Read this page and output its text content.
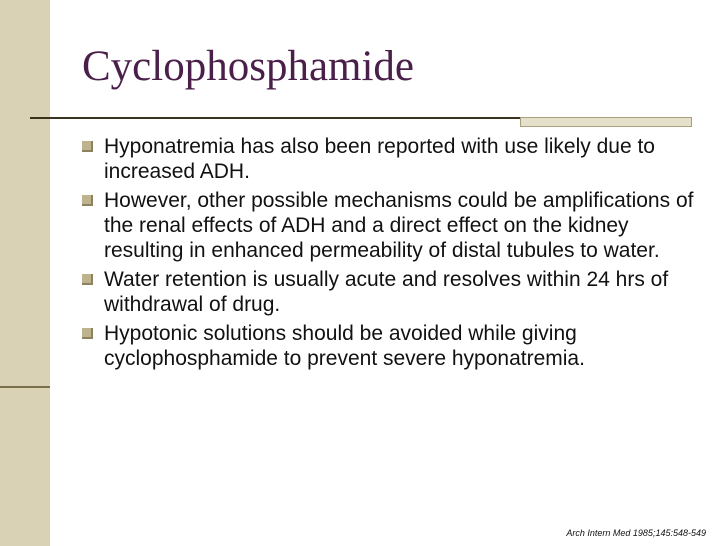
Cyclophosphamide
Hyponatremia has also been reported with use likely due to increased ADH.
However, other possible mechanisms could be amplifications of the renal effects of ADH and a direct effect on the kidney resulting in enhanced permeability of distal tubules to water.
Water retention is usually acute and resolves within 24 hrs of withdrawal of drug.
Hypotonic solutions should be avoided while giving cyclophosphamide to prevent severe hyponatremia.
Arch Intern Med 1985;145:548-549
